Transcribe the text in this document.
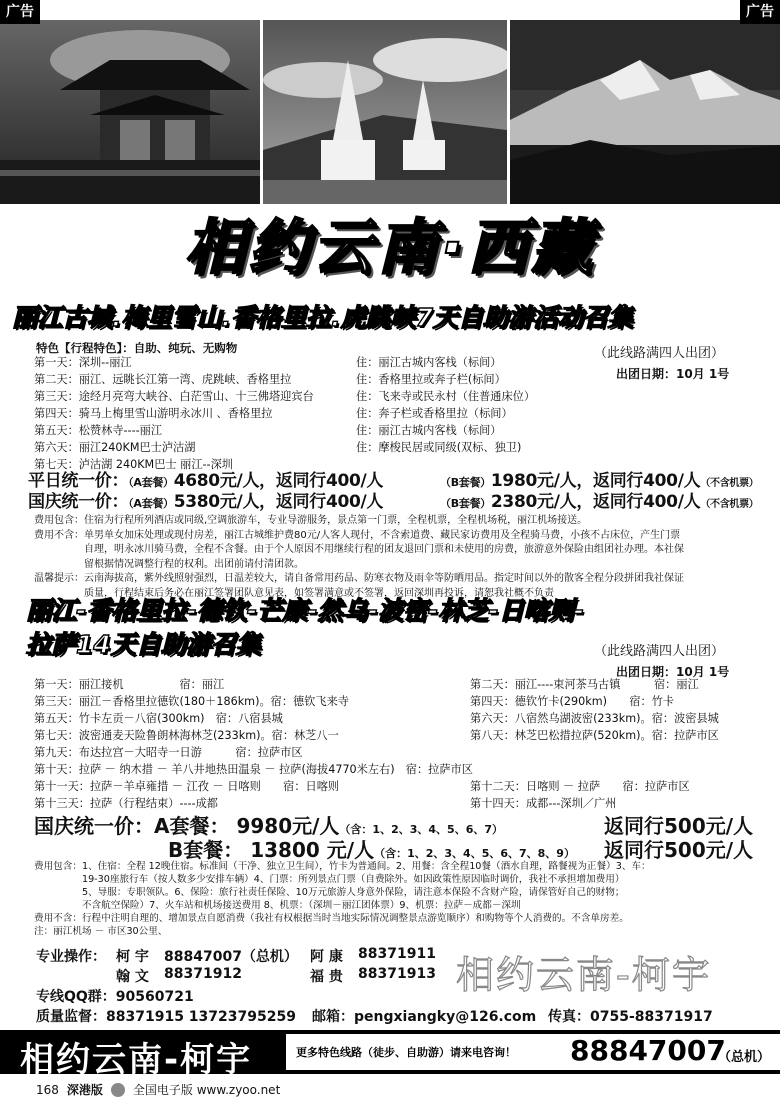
广告	广告
相约云南·西藏
丽江古城.梅里雪山.香格里拉.虎跳峡7天自助游活动召集
特色【行程特色】：自助、纯玩、无购物	（此线路满四人出团）
出团日期：10月 1号
第一天：深圳--丽江	住：丽江古城内客栈（标间）
第二天：丽江、远眺长江第一湾、虎跳峡、香格里拉	住：香格里拉或奔子栏(标间）
第三天：途经月亮弯大峡谷、白茫雪山、十三佛塔迎宾台	住：飞来寺或民永村（住普通床位）
第四天：骑马上梅里雪山游明永冰川 、香格里拉	住：奔子栏或香格里拉（标间）
第五天：松赞林寺----丽江	住：丽江古城内客栈（标间）
第六天：丽江240KM巴士泸沽湖	住：摩梭民居或同级(双标、独卫)
第七天：泸沽湖 240KM巴士 丽江--深圳
平日统一价：（A套餐）4680元/人，返同行400/人	（B套餐）1980元/人，返同行400/人（不含机票）
国庆统一价：（A套餐）5380元/人，返同行400/人	（B套餐）2380元/人，返同行400/人（不含机票）
费用包含：住宿为行程所列酒店或同级,空调旅游车，专业导游服务，景点第一门票，全程机票，全程机场税，丽江机场接送。
费用不含：单男单女加床处理或现付房差，丽江古城维护费80元/人客人现付，不含索道费、藏民家访费用及全程骑马费，小孩不占床位，产生门票
　　　　　自理，明永冰川骑马费，全程不含餐。由于个人原因不用继续行程的团友退回门票和未使用的房费，旅游意外保险由组团社办理。本社保
　　　　　留根据情况调整行程的权利。出团前请付清团款。
温馨提示：云南海拔高，紫外线照射强烈，日温差较大，请自备常用药品、防寒衣物及雨伞等防晒用品。指定时间以外的散客全程分段拼团我社保证
　　　　　质量，行程结束后务必在丽江签署团队意见表，如签署满意或不签署，返回深圳再投诉，请恕我社概不负责
丽江-香格里拉-德钦-芒康-然乌-波密-林芝-日喀则-
拉萨14天自助游召集	（此线路满四人出团）
出团日期：10月 1号
第一天：丽江接机　　　　　宿：丽江	第二天：丽江----束河茶马古镇　　　宿：丽江
第三天：丽江－香格里拉德钦(180＋186km)。宿：德钦飞来寺	第四天：德钦竹卡(290km)　　宿：竹卡
第五天：竹卡左贡－八宿(300km)　宿：八宿县城	第六天：八宿然乌湖波密(233km)。宿：波密县城
第七天：波密通麦天险鲁朗林海林芝(233km)。宿：林芝八一	第八天：林芝巴松措拉萨(520km)。宿：拉萨市区
第九天：布达拉宫－大昭寺一日游　　　宿：拉萨市区
第十天：拉萨 － 纳木措 － 羊八井地热田温泉 － 拉萨(海拔4770米左右)　宿：拉萨市区
第十一天：拉萨－羊卓雍措 － 江孜 － 日喀则　　宿：日喀则	第十二天：日喀则 － 拉萨　　宿：拉萨市区
第十三天：拉萨（行程结束）----成都	第十四天：成都---深圳／广州
国庆统一价：A套餐： 9980元/人（含：1、2、3、4、5、6、7）	返同行500元/人
B套餐： 13800 元/人（含：1、2、3、4、5、6、7、8、9） 返同行500元/人
费用包含：1、住宿：全程 12晚住宿。标准间（干净、独立卫生间），竹卡为普通间。2、用餐：含全程10餐（酒水自理，路餐视为正餐）3、车：
　　　　　19-30座旅行车（按人数多少安排车辆）4、门票：所列景点门票（自费除外。如因政策性原因临时调价，我社不承担增加费用）
　　　　　5、导服：专职领队。6、保险：旅行社责任保险、10万元旅游人身意外保险，请注意本保险不含财产险，请保管好自己的财物；
　　　　　不含航空保险）7、火车站和机场接送费用 8、机票：（深圳－丽江团体票）9、机票：拉萨－成都－深圳
费用不含：行程中注明自理的、增加景点自愿消费（我社有权根据当时当地实际情况调整景点游览顺序）和购物等个人消费的。不含单房差。
注：丽江机场 － 市区30公里、
专业操作： 柯 宇 88847007（总机） 阿 康 88371911
翰 文 88371912	福 贵 88371913
专线QQ群：90560721
质量监督：88371915 13723795259 邮箱：pengxiangky@126.com 传真：0755-88371917
相约云南-柯宇
相约云南-柯宇	更多特色线路（徒步、自助游）请来电咨询！ 88847007
（总机）
168 深港版	全国电子版 www.zyoo.net
